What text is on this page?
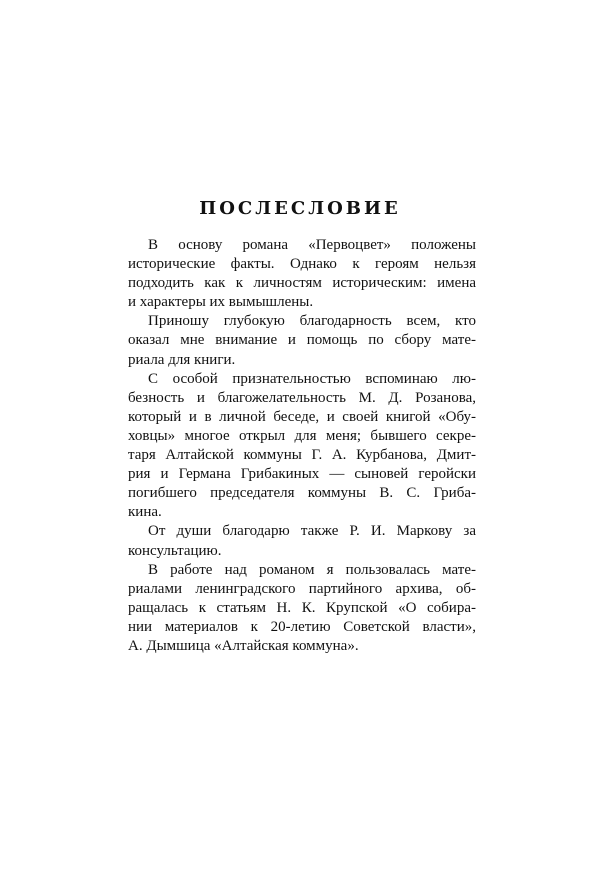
ПОСЛЕСЛОВИЕ
В основу романа «Первоцвет» положены
исторические факты. Однако к героям нельзя
подходить как к личностям историческим: имена
и характеры их вымышлены.
Приношу глубокую благодарность всем, кто
оказал мне внимание и помощь по сбору мате-
риала для книги.
С особой признательностью вспоминаю лю-
безность и благожелательность М. Д. Розанова,
который и в личной беседе, и своей книгой «Обу-
ховцы» многое открыл для меня; бывшего секре-
таря Алтайской коммуны Г. А. Курбанова, Дмит-
рия и Германа Грибакиных — сыновей геройски
погибшего председателя коммуны В. С. Гриба-
кина.
От души благодарю также Р. И. Маркову за
консультацию.
В работе над романом я пользовалась мате-
риалами ленинградского партийного архива, об-
ращалась к статьям Н. К. Крупской «О собира-
нии материалов к 20-летию Советской власти»,
А. Дымшица «Алтайская коммуна».
